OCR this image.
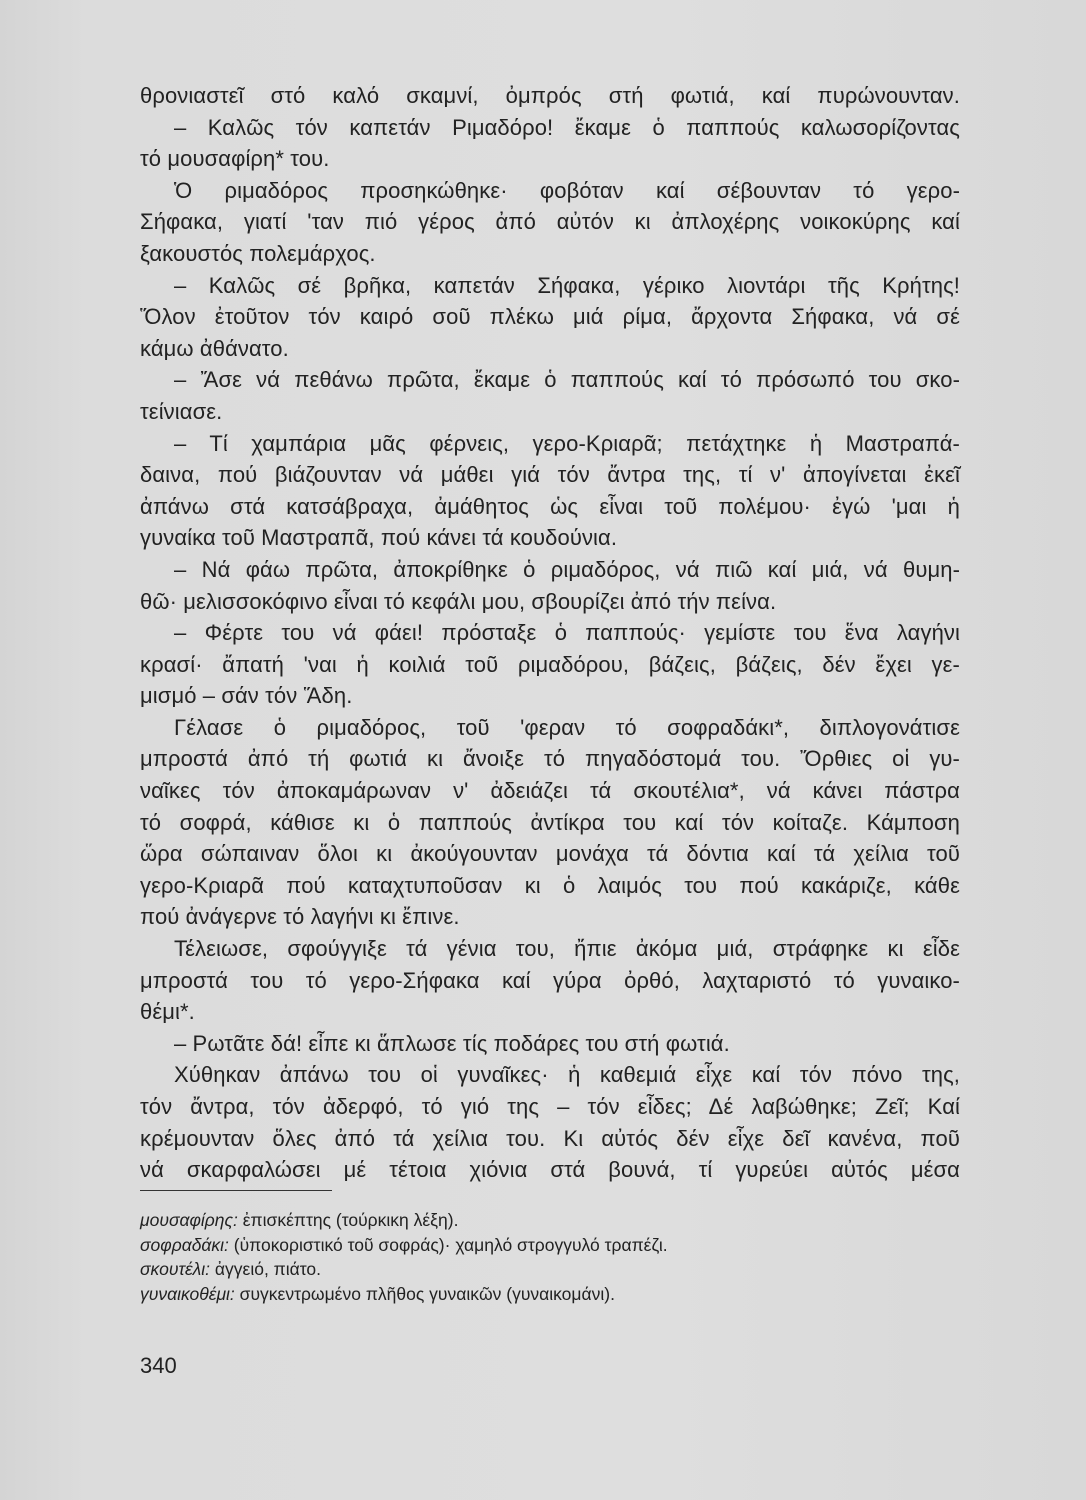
θρονιαστεῖ στό καλό σκαμνί, ὀμπρός στή φωτιά, καί πυρώνουνταν.
– Καλῶς τόν καπετάν Ριμαδόρο! ἔκαμε ὁ παππούς καλωσορίζοντας
τό μουσαφίρη* του.
Ὁ ριμαδόρος προσηκώθηκε· φοβόταν καί σέβουνταν τό γερο-
Σήφακα, γιατί 'ταν πιό γέρος ἀπό αὐτόν κι ἀπλοχέρης νοικοκύρης καί
ξακουστός πολεμάρχος.
– Καλῶς σέ βρῆκα, καπετάν Σήφακα, γέρικο λιοντάρι τῆς Κρήτης!
Ὅλον ἐτοῦτον τόν καιρό σοῦ πλέκω μιά ρίμα, ἄρχοντα Σήφακα, νά σέ
κάμω ἀθάνατο.
– Ἄσε νά πεθάνω πρῶτα, ἔκαμε ὁ παππούς καί τό πρόσωπό του σκο-
τείνιασε.
– Τί χαμπάρια μᾶς φέρνεις, γερο-Κριαρᾶ; πετάχτηκε ἡ Μαστραπά-
δαινα, πού βιάζουνταν νά μάθει γιά τόν ἄντρα της, τί ν' ἀπογίνεται ἐκεῖ
ἀπάνω στά κατσάβραχα, ἀμάθητος ὡς εἶναι τοῦ πολέμου· ἐγώ 'μαι ἡ
γυναίκα τοῦ Μαστραπᾶ, πού κάνει τά κουδούνια.
– Νά φάω πρῶτα, ἀποκρίθηκε ὁ ριμαδόρος, νά πιῶ καί μιά, νά θυμη-
θῶ· μελισσοκόφινο εἶναι τό κεφάλι μου, σβουρίζει ἀπό τήν πείνα.
– Φέρτε του νά φάει! πρόσταξε ὁ παππούς· γεμίστε του ἕνα λαγήνι
κρασί· ἄπατή 'ναι ἡ κοιλιά τοῦ ριμαδόρου, βάζεις, βάζεις, δέν ἔχει γε-
μισμό – σάν τόν Ἅδη.
Γέλασε ὁ ριμαδόρος, τοῦ 'φεραν τό σοφραδάκι*, διπλογονάτισε
μπροστά ἀπό τή φωτιά κι ἄνοιξε τό πηγαδόστομά του. Ὄρθιες οἱ γυ-
ναῖκες τόν ἀποκαμάρωναν ν' ἀδειάζει τά σκουτέλια*, νά κάνει πάστρα
τό σοφρά, κάθισε κι ὁ παππούς ἀντίκρα του καί τόν κοίταζε. Κάμποση
ὥρα σώπαιναν ὅλοι κι ἀκούγουνταν μονάχα τά δόντια καί τά χείλια τοῦ
γερο-Κριαρᾶ πού καταχτυποῦσαν κι ὁ λαιμός του πού κακάριζε, κάθε
πού ἀνάγερνε τό λαγήνι κι ἔπινε.
Τέλειωσε, σφούγγιξε τά γένια του, ἤπιε ἀκόμα μιά, στράφηκε κι εἶδε
μπροστά του τό γερο-Σήφακα καί γύρα ὀρθό, λαχταριστό τό γυναικο-
θέμι*.
– Ρωτᾶτε δά! εἶπε κι ἅπλωσε τίς ποδάρες του στή φωτιά.
Χύθηκαν ἀπάνω του οἱ γυναῖκες· ἡ καθεμιά εἶχε καί τόν πόνο της,
τόν ἄντρα, τόν ἀδερφό, τό γιό της – τόν εἶδες; Δέ λαβώθηκε; Ζεῖ; Καί
κρέμουνταν ὅλες ἀπό τά χείλια του. Κι αὐτός δέν εἶχε δεῖ κανένα, ποῦ
νά σκαρφαλώσει μέ τέτοια χιόνια στά βουνά, τί γυρεύει αὐτός μέσα
μουσαφίρης: ἐπισκέπτης (τούρκικη λέξη).
σοφραδάκι: (ὑποκοριστικό τοῦ σοφράς)· χαμηλό στρογγυλό τραπέζι.
σκουτέλι: ἀγγειό, πιάτο.
γυναικοθέμι: συγκεντρωμένο πλῆθος γυναικῶν (γυναικομάνι).
340
